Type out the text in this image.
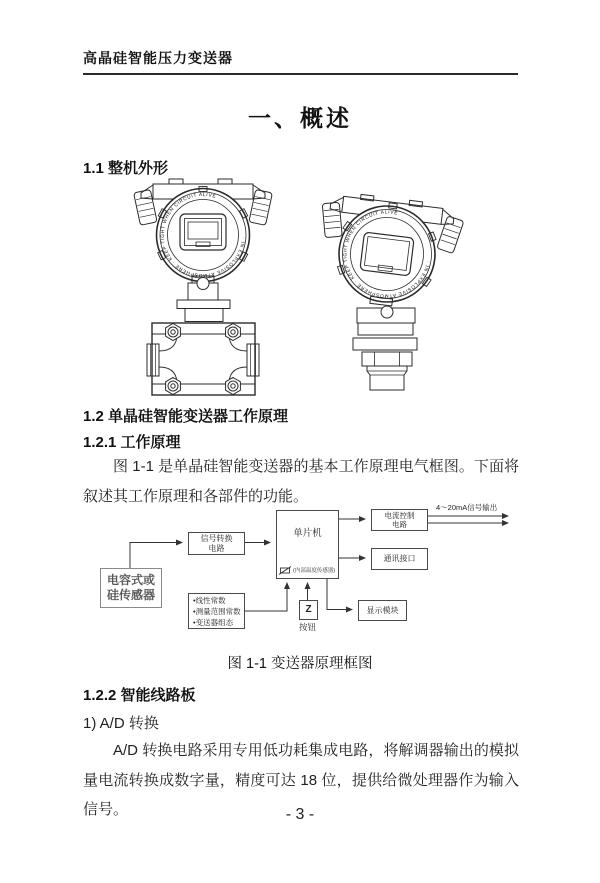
高晶硅智能压力变送器
一、概述
1.1 整机外形
· IN EXPLOSIVE ATMOSPHERE · KEEP TIGHT WHEN CIRCUIT ALIVE
· IN EXPLOSIVE ATMOSPHERE · KEEP TIGHT WHEN CIRCUIT ALIVE
1.2 单晶硅智能变送器工作原理
1.2.1 工作原理
图 1-1 是单晶硅智能变送器的基本工作原理电气框图。下面将叙述其工作原理和各部件的功能。
电容式或
硅传感器
信号转换
电路
单片机
(内部温度传感器)
电流控制
电路
通讯接口
•线性常数
•测量范围常数
•变送器组态
Z
按钮
显示模块
4～20mA信号输出
图 1-1 变送器原理框图
1.2.2 智能线路板
1) A/D 转换
A/D 转换电路采用专用低功耗集成电路，将解调器输出的模拟量电流转换成数字量，精度可达 18 位，提供给微处理器作为输入信号。	- 3 -
